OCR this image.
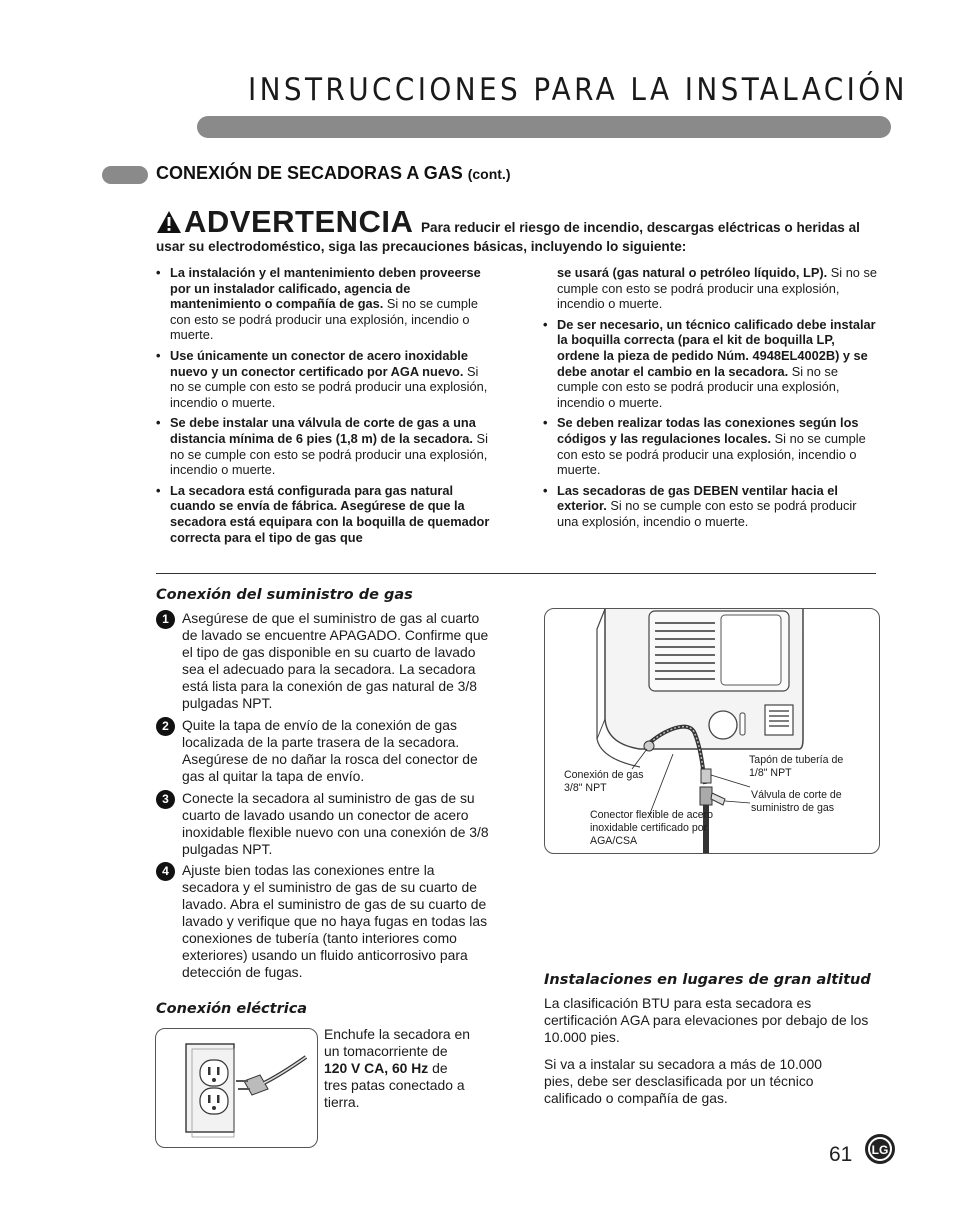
INSTRUCCIONES PARA LA INSTALACIÓN
CONEXIÓN DE SECADORAS A GAS (cont.)
ADVERTENCIA Para reducir el riesgo de incendio, descargas eléctricas o heridas al usar su electrodoméstico, siga las precauciones básicas, incluyendo lo siguiente:
• La instalación y el mantenimiento deben proveerse por un instalador calificado, agencia de mantenimiento o compañía de gas. Si no se cumple con esto se podrá producir una explosión, incendio o muerte.
• Use únicamente un conector de acero inoxidable nuevo y un conector certificado por AGA nuevo. Si no se cumple con esto se podrá producir una explosión, incendio o muerte.
• Se debe instalar una válvula de corte de gas a una distancia mínima de 6 pies (1,8 m) de la secadora. Si no se cumple con esto se podrá producir una explosión, incendio o muerte.
• La secadora está configurada para gas natural cuando se envía de fábrica. Asegúrese de que la secadora está equipara con la boquilla de quemador correcta para el tipo de gas que
se usará (gas natural o petróleo líquido, LP). Si no se cumple con esto se podrá producir una explosión, incendio o muerte.
• De ser necesario, un técnico calificado debe instalar la boquilla correcta (para el kit de boquilla LP, ordene la pieza de pedido Núm. 4948EL4002B) y se debe anotar el cambio en la secadora. Si no se cumple con esto se podrá producir una explosión, incendio o muerte.
• Se deben realizar todas las conexiones según los códigos y las regulaciones locales. Si no se cumple con esto se podrá producir una explosión, incendio o muerte.
• Las secadoras de gas DEBEN ventilar hacia el exterior. Si no se cumple con esto se podrá producir una explosión, incendio o muerte.
Conexión del suministro de gas
1 Asegúrese de que el suministro de gas al cuarto de lavado se encuentre APAGADO. Confirme que el tipo de gas disponible en su cuarto de lavado sea el adecuado para la secadora. La secadora está lista para la conexión de gas natural de 3/8 pulgadas NPT.
2 Quite la tapa de envío de la conexión de gas localizada de la parte trasera de la secadora. Asegúrese de no dañar la rosca del conector de gas al quitar la tapa de envío.
3 Conecte la secadora al suministro de gas de su cuarto de lavado usando un conector de acero inoxidable flexible nuevo con una conexión de 3/8 pulgadas NPT.
4 Ajuste bien todas las conexiones entre la secadora y el suministro de gas de su cuarto de lavado. Abra el suministro de gas de su cuarto de lavado y verifique que no haya fugas en todas las conexiones de tubería (tanto interiores como exteriores) usando un fluido anticorrosivo para detección de fugas.
Conexión de gas 3/8" NPT
Tapón de tubería de 1/8" NPT
Válvula de corte de suministro de gas
Conector flexible de acero inoxidable certificado por AGA/CSA
Conexión eléctrica
Enchufe la secadora en un tomacorriente de 120 V CA, 60 Hz de tres patas conectado a tierra.
Instalaciones en lugares de gran altitud
La clasificación BTU para esta secadora es certificación AGA para elevaciones por debajo de los 10.000 pies.
Si va a instalar su secadora a más de 10.000 pies, debe ser desclasificada por un técnico calificado o compañía de gas.
61 LG
